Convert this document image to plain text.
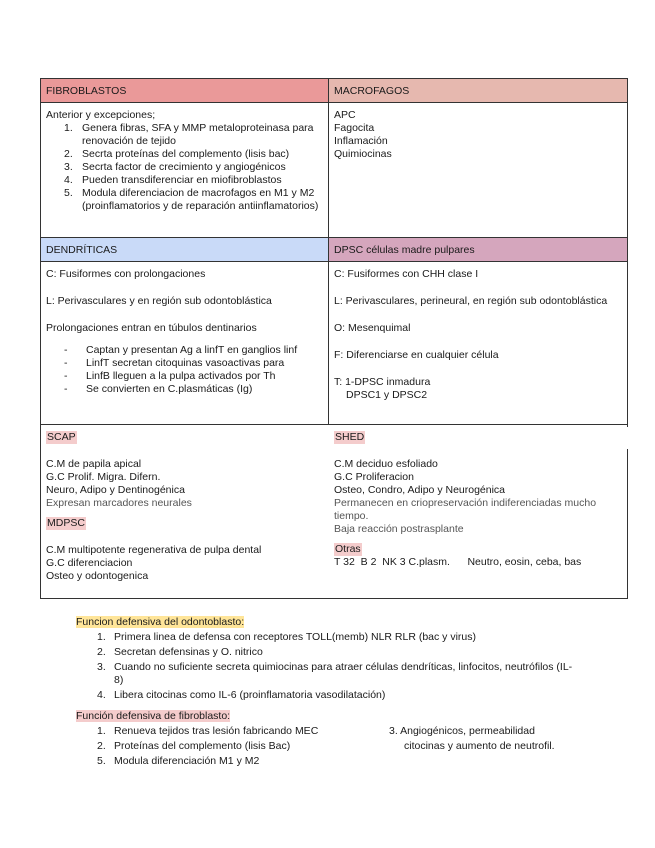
FIBROBLASTOS	MACROFAGOS

Anterior y excepciones;

1. Genera fibras, SFA y MMP metaloproteinasa para renovación de tejido
2. Secrta proteínas del complemento (lisis bac)
3. Secrta factor de crecimiento y angiogénicos
4. Pueden transdiferenciar en miofibroblastos
5. Modula diferenciacion de macrofagos en M1 y M2 (proinflamatorios y de reparación antiinflamatorios)

APC

Fagocita

Inflamación

Quimiocinas

DENDRÍTICAS	DPSC células madre pulpares

C: Fusiformes con prolongaciones

L: Perivasculares y en región sub odontoblástica

Prolongaciones entran en túbulos dentinarios

- Captan y presentan Ag a linfT en ganglios linf
- LinfT secretan citoquinas vasoactivas para
- LinfB lleguen a la pulpa activados por Th
- Se convierten en C.plasmáticas (Ig)

C: Fusiformes con CHH clase I

L: Perivasculares, perineural, en región sub odontoblástica

O: Mesenquimal

F: Diferenciarse en cualquier célula

T: 1-DPSC inmadura

DPSC1 y DPSC2

SCAP

C.M de papila apical

G.C Prolif. Migra. Difern.

Neuro, Adipo y Dentinogénica

Expresan marcadores neurales

MDPSC

C.M multipotente regenerativa de pulpa dental

G.C diferenciacion

Osteo y odontogenica

SHED

C.M deciduo esfoliado

G.C Proliferacion

Osteo, Condro, Adipo y Neurogénica

Permanecen en criopreservación indiferenciadas mucho tiempo.

Baja reacción postrasplante

Otras

T 32  B 2  NK 3 C.plasm.      Neutro, eosin, ceba, bas

Funcion defensiva del odontoblasto:

1. Primera linea de defensa con receptores TOLL(memb) NLR RLR (bac y virus)
2. Secretan defensinas y O. nitrico
3. Cuando no suficiente secreta quimiocinas para atraer células dendríticas, linfocitos, neutrófilos (IL-8)
4. Libera citocinas como IL-6 (proinflamatoria vasodilatación)

Función defensiva de fibroblasto:

1. Renueva tejidos tras lesión fabricando MEC
2. Proteínas del complemento (lisis Bac)
5. Modula diferenciación M1 y M2

3. Angiogénicos, permeabilidad

citocinas y aumento de neutrofil.
